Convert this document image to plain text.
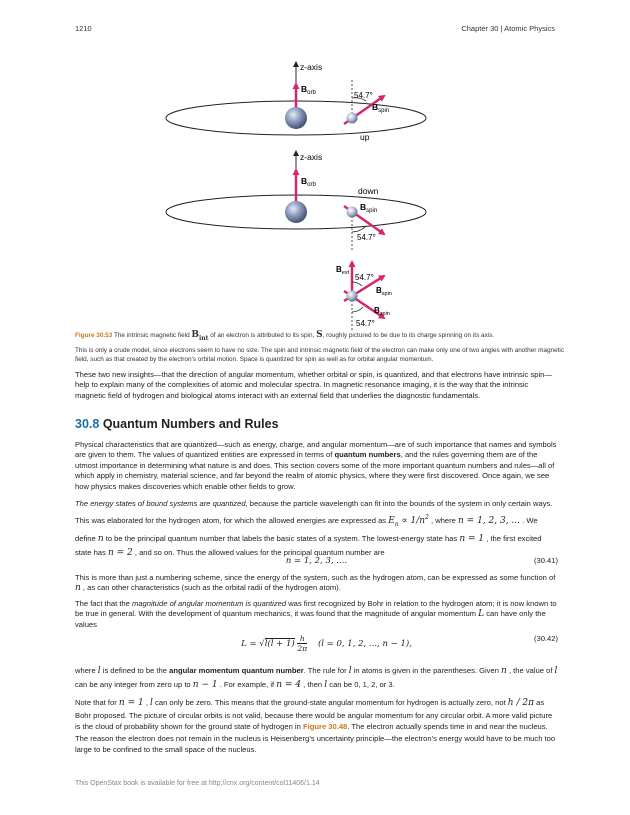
1210	Chapter 30 | Atomic Physics
z-axis
$B_{orb}$	54.7°
$B_{spin}$
up
z-axis
$B_{orb}$
down
$B_{spin}$
54.7°
$B_{ext}$ 54.7°
$B_{spin}$
$B_{spin}$
54.7°
Figure 30.53 The intrinsic magnetic field $B_{int}$ of an electron is attributed to its spin, S, roughly pictured to be due to its charge spinning on its axis.
This is only a crude model, since electrons seem to have no size. The spin and intrinsic magnetic field of the electron can make only one of two angles with another magnetic field, such as that created by the electron’s orbital motion. Space is quantized for spin as well as for orbital angular momentum.

These two new insights—that the direction of angular momentum, whether orbital or spin, is quantized, and that electrons have intrinsic spin—help to explain many of the complexities of atomic and molecular spectra. In magnetic resonance imaging, it is the way that the intrinsic magnetic field of hydrogen and biological atoms interact with an external field that underlies the diagnostic fundamentals.

30.8 Quantum Numbers and Rules

Physical characteristics that are quantized—such as energy, charge, and angular momentum—are of such importance that names and symbols are given to them. The values of quantized entities are expressed in terms of quantum numbers, and the rules governing them are of the utmost importance in determining what nature is and does. This section covers some of the more important quantum numbers and rules—all of which apply in chemistry, material science, and far beyond the realm of atomic physics, where they were first discovered. Once again, we see how physics makes discoveries which enable other fields to grow.

The energy states of bound systems are quantized, because the particle wavelength can fit into the bounds of the system in only certain ways. This was elaborated for the hydrogen atom, for which the allowed energies are expressed as $E_n \propto 1/n^2$ , where n = 1, 2, 3, ... . We define n to be the principal quantum number that labels the basic states of a system. The lowest-energy state has n = 1 , the first excited state has n = 2 , and so on. Thus the allowed values for the principal quantum number are

n = 1, 2, 3, ....	(30.41)

This is more than just a numbering scheme, since the energy of the system, such as the hydrogen atom, can be expressed as some function of n , as can other characteristics (such as the orbital radii of the hydrogen atom).

The fact that the magnitude of angular momentum is quantized was first recognized by Bohr in relation to the hydrogen atom; it is now known to be true in general. With the development of quantum mechanics, it was found that the magnitude of angular momentum L can have only the values

$L = √l(l + 1) \frac{h}{2\pi} (l = 0$, 1, 2, ..., n − 1),
(30.42)

where l is defined to be the angular momentum quantum number. The rule for l in atoms is given in the parentheses. Given n , the value of l can be any integer from zero up to n − 1 . For example, if n = 4 , then l can be 0, 1, 2, or 3.

Note that for n = 1 , l can only be zero. This means that the ground-state angular momentum for hydrogen is actually zero, not h / 2π as Bohr proposed. The picture of circular orbits is not valid, because there would be angular momentum for any circular orbit. A more valid picture is the cloud of probability shown for the ground state of hydrogen in Figure 30.48. The electron actually spends time in and near the nucleus. The reason the electron does not remain in the nucleus is Heisenberg’s uncertainty principle—the electron’s energy would have to be much too large to be confined to the small space of the nucleus.

This OpenStax book is available for free at http://cnx.org/content/col11406/1.14
